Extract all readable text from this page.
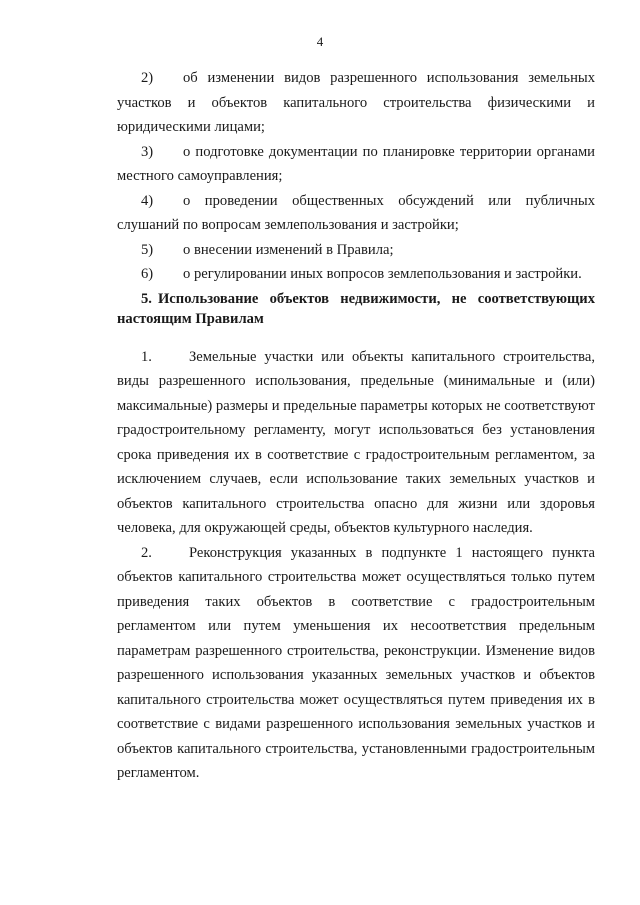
4

2) об изменении видов разрешенного использования земельных участков и объектов капитального строительства физическими и юридическими лицами;

3) о подготовке документации по планировке территории органами местного самоуправления;

4) о проведении общественных обсуждений или публичных слушаний по вопросам землепользования и застройки;

5) о внесении изменений в Правила;

6) о регулировании иных вопросов землепользования и застройки.

5. Использование объектов недвижимости, не соответствующих настоящим Правилам

1.	Земельные участки или объекты капитального строительства, виды разрешенного использования, предельные (минимальные и (или) максимальные) размеры и предельные параметры которых не соответствуют градостроительному регламенту, могут использоваться без установления срока приведения их в соответствие с градостроительным регламентом, за исключением случаев, если использование таких земельных участков и объектов капитального строительства опасно для жизни или здоровья человека, для окружающей среды, объектов культурного наследия.

2.	Реконструкция указанных в подпункте 1 настоящего пункта объектов капитального строительства может осуществляться только путем приведения таких объектов в соответствие с градостроительным регламентом или путем уменьшения их несоответствия предельным параметрам разрешенного строительства, реконструкции. Изменение видов разрешенного использования указанных земельных участков и объектов капитального строительства может осуществляться путем приведения их в соответствие с видами разрешенного использования земельных участков и объектов капитального строительства, установленными градостроительным регламентом.
